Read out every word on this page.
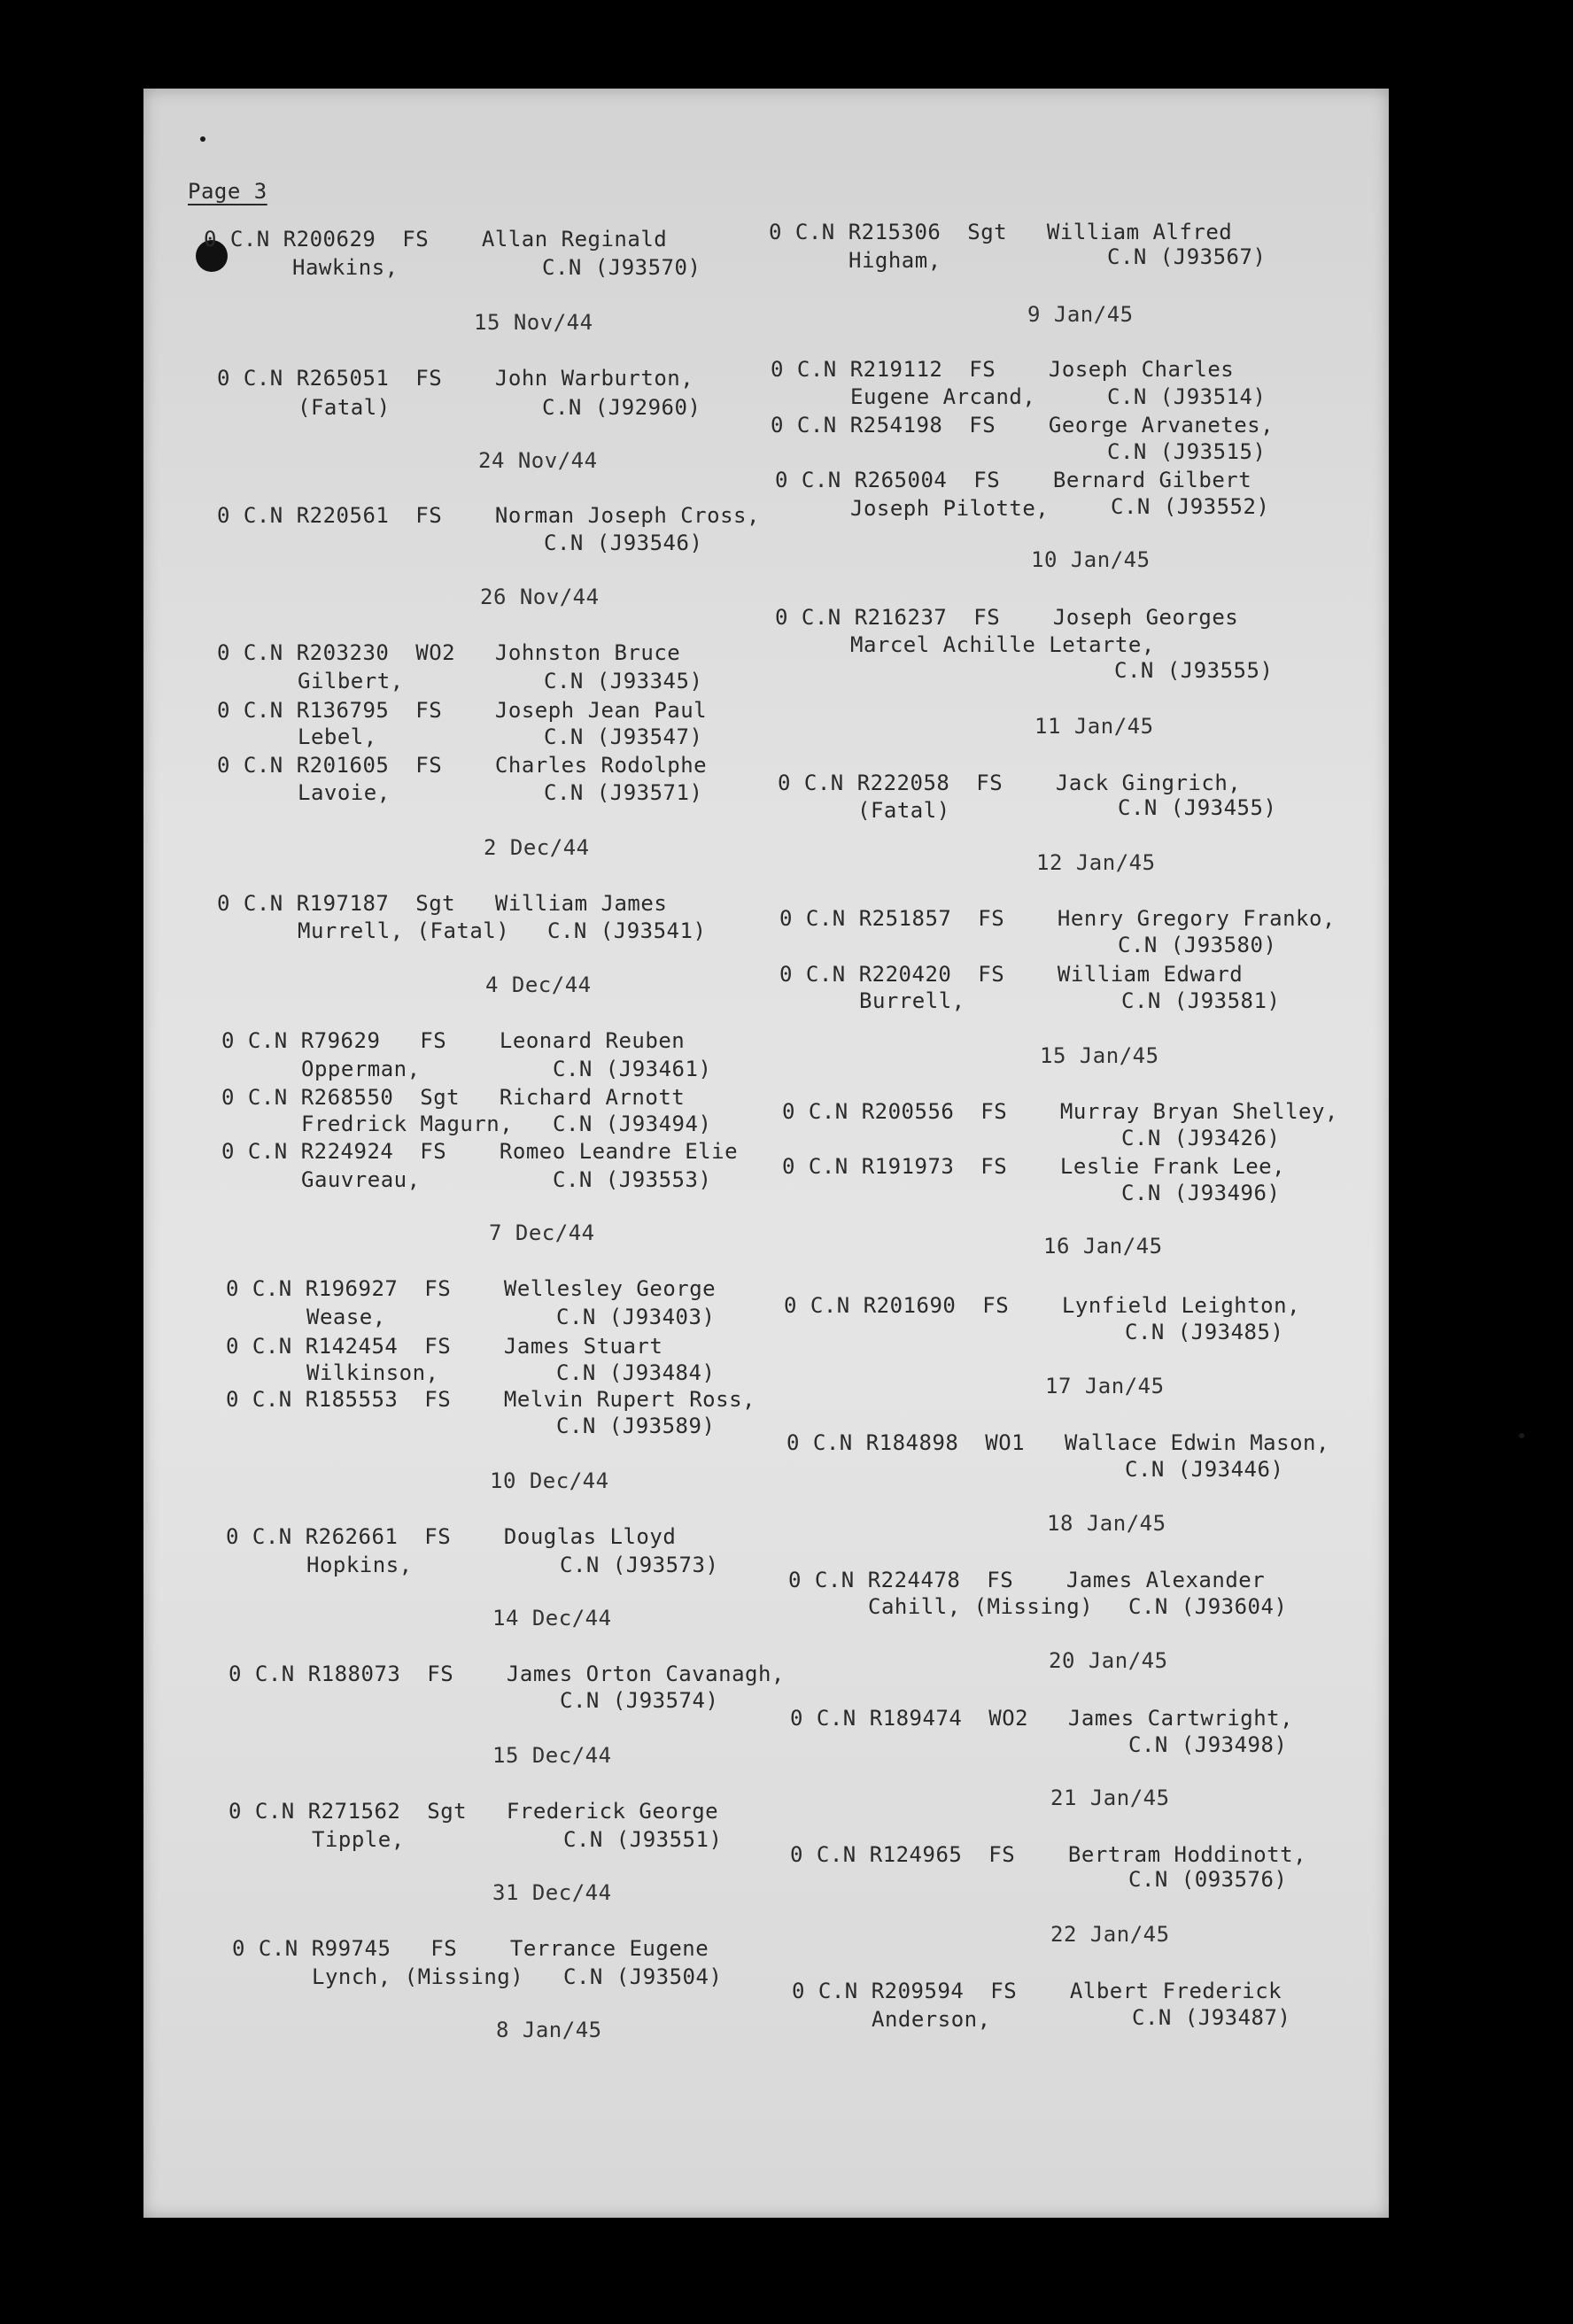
Page 3

0 C.N R200629  FS    Allan Reginald

Hawkins,	C.N (J93570)

15 Nov/44

0 C.N R265051  FS    John Warburton,

(Fatal)	C.N (J92960)

24 Nov/44

0 C.N R220561  FS    Norman Joseph Cross,

C.N (J93546)

26 Nov/44

0 C.N R203230  WO2   Johnston Bruce

Gilbert,	C.N (J93345)

0 C.N R136795  FS    Joseph Jean Paul

Lebel,	C.N (J93547)

0 C.N R201605  FS    Charles Rodolphe

Lavoie,	C.N (J93571)

2 Dec/44

0 C.N R197187  Sgt   William James

Murrell, (Fatal) C.N (J93541)

4 Dec/44

0 C.N R79629   FS    Leonard Reuben

Opperman,	C.N (J93461)

0 C.N R268550  Sgt   Richard Arnott

Fredrick Magurn, C.N (J93494)

0 C.N R224924  FS    Romeo Leandre Elie

Gauvreau,	C.N (J93553)

7 Dec/44

0 C.N R196927  FS    Wellesley George

Wease,	C.N (J93403)

0 C.N R142454  FS    James Stuart

Wilkinson,	C.N (J93484)

0 C.N R185553  FS    Melvin Rupert Ross,

C.N (J93589)

10 Dec/44

0 C.N R262661  FS    Douglas Lloyd

Hopkins,	C.N (J93573)

14 Dec/44

0 C.N R188073  FS    James Orton Cavanagh,

C.N (J93574)

15 Dec/44

0 C.N R271562  Sgt   Frederick George

Tipple,	C.N (J93551)

31 Dec/44

0 C.N R99745   FS    Terrance Eugene

Lynch, (Missing) C.N (J93504)

8 Jan/45

0 C.N R215306  Sgt   William Alfred

Higham,	C.N (J93567)

9 Jan/45

0 C.N R219112  FS    Joseph Charles

Eugene Arcand,	C.N (J93514)

0 C.N R254198  FS    George Arvanetes,

C.N (J93515)

0 C.N R265004  FS    Bernard Gilbert

Joseph Pilotte,	C.N (J93552)

10 Jan/45

0 C.N R216237  FS    Joseph Georges

Marcel Achille Letarte,

C.N (J93555)

11 Jan/45

0 C.N R222058  FS    Jack Gingrich,

(Fatal)	C.N (J93455)

12 Jan/45

0 C.N R251857  FS    Henry Gregory Franko,

C.N (J93580)

0 C.N R220420  FS    William Edward

Burrell,	C.N (J93581)

15 Jan/45

0 C.N R200556  FS    Murray Bryan Shelley,

C.N (J93426)

0 C.N R191973  FS    Leslie Frank Lee,

C.N (J93496)

16 Jan/45

0 C.N R201690  FS    Lynfield Leighton,

C.N (J93485)

17 Jan/45

0 C.N R184898  WO1   Wallace Edwin Mason,

C.N (J93446)

18 Jan/45

0 C.N R224478  FS    James Alexander

Cahill, (Missing) C.N (J93604)

20 Jan/45

0 C.N R189474  WO2   James Cartwright,

C.N (J93498)

21 Jan/45

0 C.N R124965  FS    Bertram Hoddinott,

C.N (093576)

22 Jan/45

0 C.N R209594  FS    Albert Frederick

Anderson,	C.N (J93487)
